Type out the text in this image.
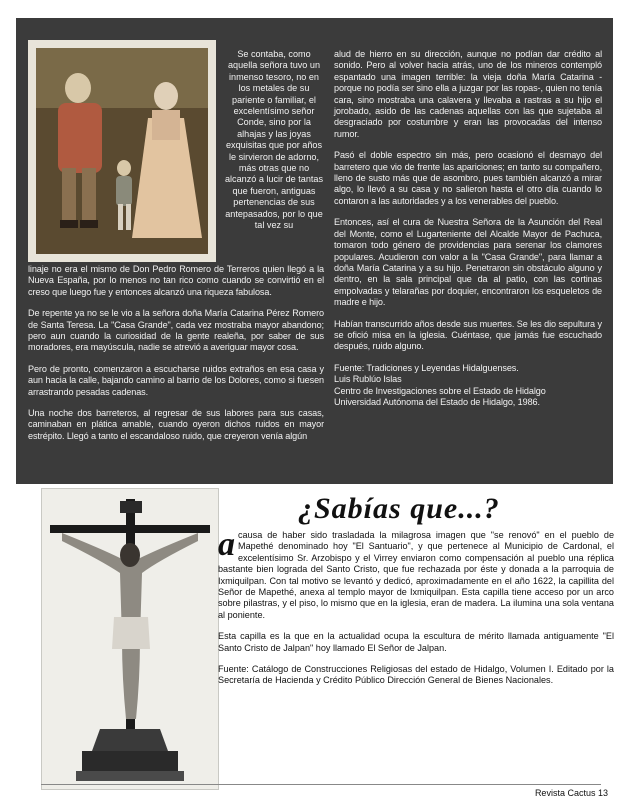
Se contaba, como aquella señora tuvo un inmenso tesoro, no en los metales de su pariente o familiar, el excelentísimo señor Conde, sino por la alhajas y las joyas exquisitas que por años le sirvieron de adorno, más otras que no alcanzó a lucir de tantas que fueron, antiguas pertenencias de sus antepasados, por lo que tal vez su

linaje no era el mismo de Don Pedro Romero de Terreros quien llegó a la Nueva España, por lo menos no tan rico como cuando se convirtió en el creso que luego fue y entonces alcanzó una riqueza fabulosa.

De repente ya no se le vio a la señora doña María Catarina Pérez Romero de Santa Teresa. La "Casa Grande", cada vez mostraba mayor abandono; pero aun cuando la curiosidad de la gente realeña, por saber de sus moradores, era mayúscula, nadie se atrevió a averiguar mayor cosa.

Pero de pronto, comenzaron a escucharse ruidos extraños en esa casa y aun hacia la calle, bajando camino al barrio de los Dolores, como si fuesen arrastrando pesadas cadenas.

Una noche dos barreteros, al regresar de sus labores para sus casas, caminaban en plática amable, cuando oyeron dichos ruidos en mayor estrépito. Llegó a tanto el escandaloso ruido, que creyeron venía algún

alud de hierro en su dirección, aunque no podían dar crédito al sonido. Pero al volver hacia atrás, uno de los mineros contempló espantado una imagen terrible: la vieja doña María Catarina -porque no podía ser sino ella a juzgar por las ropas-, quien no tenía cara, sino mostraba una calavera y llevaba a rastras a su hijo el jorobado, asido de las cadenas aquellas con las que sujetaba al desgraciado por costumbre y eran las provocadas del intenso rumor.

Pasó el doble espectro sin más, pero ocasionó el desmayo del barretero que vio de frente las apariciones; en tanto su compañero, lleno de susto más que de asombro, pues también alcanzó a mirar algo, lo llevó a su casa y no salieron hasta el otro día cuando lo contaron a las autoridades y a los venerables del pueblo.

Entonces, así el cura de Nuestra Señora de la Asunción del Real del Monte, como el Lugarteniente del Alcalde Mayor de Pachuca, tomaron todo género de providencias para serenar los clamores populares. Acudieron con valor a la "Casa Grande", para llamar a doña María Catarina y a su hijo. Penetraron sin obstáculo alguno y dentro, en la sala principal que da al patio, con las cortinas empolvadas y telarañas por doquier, encontraron los esqueletos de madre e hijo.

Habían transcurrido años desde sus muertes. Se les dio sepultura y se ofició misa en la iglesia. Cuéntase, que jamás fue escuchado después, ruido alguno.

Fuente: Tradiciones y Leyendas Hidalguenses.
Luis Rublúo Islas
Centro de Investigaciones sobre el Estado de Hidalgo
Universidad Autónoma del Estado de Hidalgo, 1986.
¿Sabías que...?

acausa de haber sido trasladada la milagrosa imagen que "se renovó" en el pueblo de Mapethé denominado hoy "El Santuario", y que pertenece al Municipio de Cardonal, el excelentísimo Sr. Arzobispo y el Virrey enviaron como compensación al pueblo una réplica bastante bien lograda del Santo Cristo, que fue rechazada por éste y donada a la parroquia de Ixmiquilpan. Con tal motivo se levantó y dedicó, aproximadamente en el año 1622, la capillita del Señor de Mapethé, anexa al templo mayor de Ixmiquilpan. Esta capilla tiene acceso por un arco sobre pilastras, y el piso, lo mismo que en la iglesia, eran de madera. La ilumina una sola ventana al poniente.

Esta capilla es la que en la actualidad ocupa la escultura de mérito llamada antiguamente "El Santo Cristo de Jalpan" hoy llamado El Señor de Jalpan.

Fuente: Catálogo de Construcciones Religiosas del estado de Hidalgo, Volumen I. Editado por la Secretaría de Hacienda y Crédito Público Dirección General de Bienes Nacionales.

Revista Cactus 13
